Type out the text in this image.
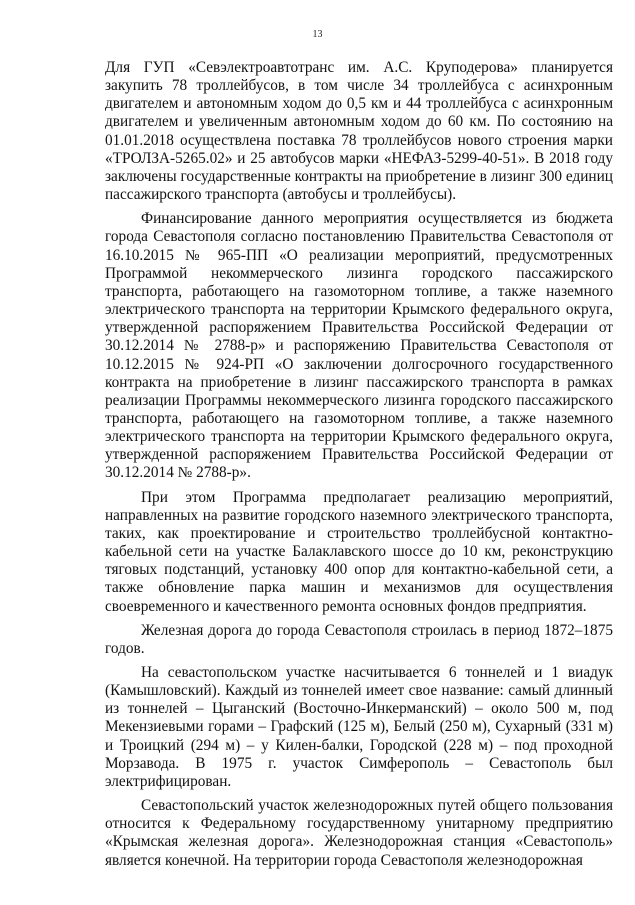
13

Для ГУП «Севэлектроавтотранс им. А.С. Круподерова» планируется закупить 78 троллейбусов, в том числе 34 троллейбуса с асинхронным двигателем и автономным ходом до 0,5 км и 44 троллейбуса с асинхронным двигателем и увеличенным автономным ходом до 60 км. По состоянию на 01.01.2018 осуществлена поставка 78 троллейбусов нового строения марки «ТРОЛЗА-5265.02» и 25 автобусов марки «НЕФАЗ-5299-40-51». В 2018 году заключены государственные контракты на приобретение в лизинг 300 единиц пассажирского транспорта (автобусы и троллейбусы).

Финансирование данного мероприятия осуществляется из бюджета города Севастополя согласно постановлению Правительства Севастополя от 16.10.2015 № 965-ПП «О реализации мероприятий, предусмотренных Программой некоммерческого лизинга городского пассажирского транспорта, работающего на газомоторном топливе, а также наземного электрического транспорта на территории Крымского федерального округа, утвержденной распоряжением Правительства Российской Федерации от 30.12.2014 № 2788-р» и распоряжению Правительства Севастополя от 10.12.2015 № 924-РП «О заключении долгосрочного государственного контракта на приобретение в лизинг пассажирского транспорта в рамках реализации Программы некоммерческого лизинга городского пассажирского транспорта, работающего на газомоторном топливе, а также наземного электрического транспорта на территории Крымского федерального округа, утвержденной распоряжением Правительства Российской Федерации от 30.12.2014 № 2788-р».

При этом Программа предполагает реализацию мероприятий, направленных на развитие городского наземного электрического транспорта, таких, как проектирование и строительство троллейбусной контактно-кабельной сети на участке Балаклавского шоссе до 10 км, реконструкцию тяговых подстанций, установку 400 опор для контактно-кабельной сети, а также обновление парка машин и механизмов для осуществления своевременного и качественного ремонта основных фондов предприятия.

Железная дорога до города Севастополя строилась в период 1872–1875 годов.

На севастопольском участке насчитывается 6 тоннелей и 1 виадук (Камышловский). Каждый из тоннелей имеет свое название: самый длинный из тоннелей – Цыганский (Восточно-Инкерманский) – около 500 м, под Мекензиевыми горами – Графский (125 м), Белый (250 м), Сухарный (331 м) и Троицкий (294 м) – у Килен-балки, Городской (228 м) – под проходной Морзавода. В 1975 г. участок Симферополь – Севастополь был электрифицирован.

Севастопольский участок железнодорожных путей общего пользования относится к Федеральному государственному унитарному предприятию «Крымская железная дорога». Железнодорожная станция «Севастополь» является конечной. На территории города Севастополя железнодорожная
